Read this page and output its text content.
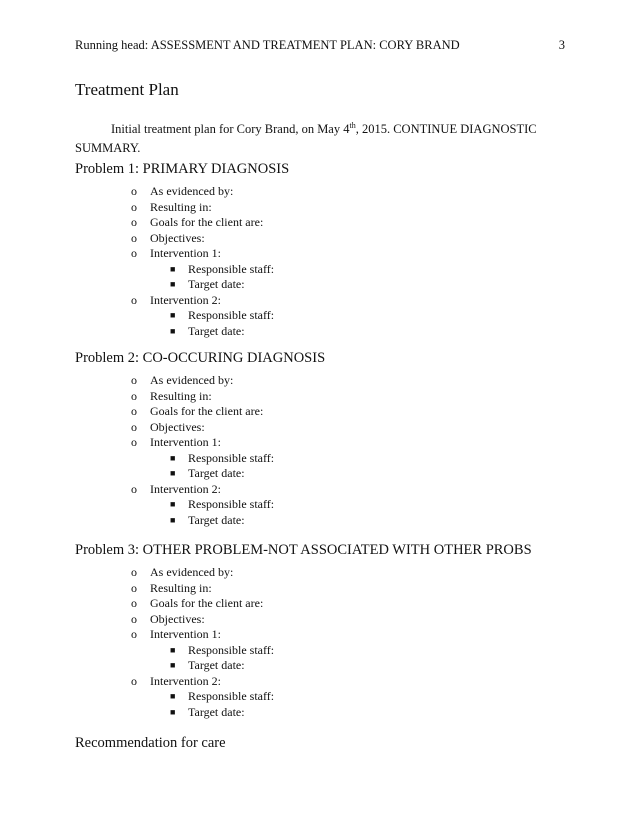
Running head: ASSESSMENT AND TREATMENT PLAN: CORY BRAND	3
Treatment Plan
Initial treatment plan for Cory Brand, on May 4th, 2015. CONTINUE DIAGNOSTIC SUMMARY.
Problem 1: PRIMARY DIAGNOSIS
o As evidenced by:
o Resulting in:
o Goals for the client are:
o Objectives:
o Intervention 1:
■ Responsible staff:
■ Target date:
o Intervention 2:
■ Responsible staff:
■ Target date:
Problem 2: CO-OCCURING DIAGNOSIS
o As evidenced by:
o Resulting in:
o Goals for the client are:
o Objectives:
o Intervention 1:
■ Responsible staff:
■ Target date:
o Intervention 2:
■ Responsible staff:
■ Target date:
Problem 3: OTHER PROBLEM-NOT ASSOCIATED WITH OTHER PROBS
o As evidenced by:
o Resulting in:
o Goals for the client are:
o Objectives:
o Intervention 1:
■ Responsible staff:
■ Target date:
o Intervention 2:
■ Responsible staff:
■ Target date:
Recommendation for care
